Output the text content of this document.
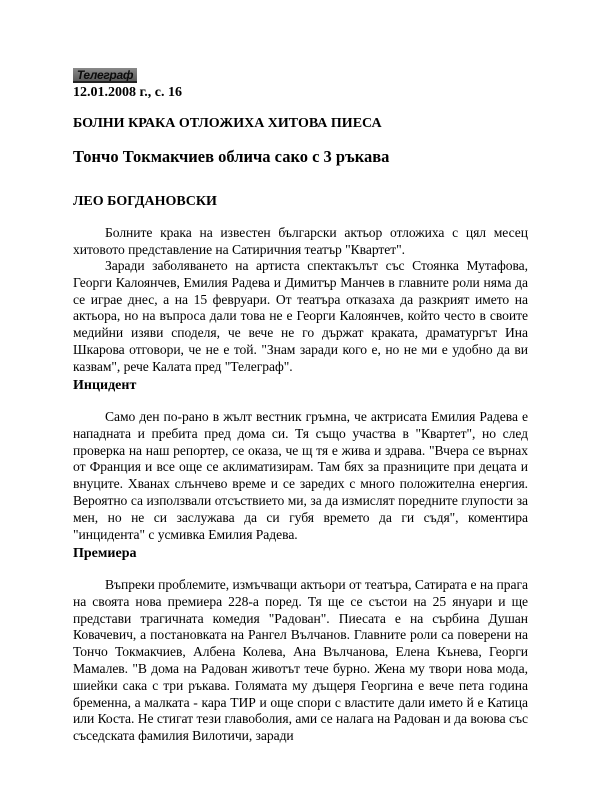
Телеграф
12.01.2008 г., с. 16
БОЛНИ КРАКА ОТЛОЖИХА ХИТОВА ПИЕСА
Тончо Токмакчиев облича сако с 3 ръкава
ЛЕО БОГДАНОВСКИ

Болните крака на известен български актьор отложиха с цял месец хитовото представление на Сатиричния театър "Квартет".

Заради заболяването на артиста спектакълът със Стоянка Мутафова, Георги Калоянчев, Емилия Радева и Димитър Манчев в главните роли няма да се играе днес, а на 15 февруари. От театъра отказаха да разкрият името на актьора, но на въпроса дали това не е Георги Калоянчев, който често в своите медийни изяви споделя, че вече не го държат краката, драматургът Ина Шкарова отговори, че не е той. "Знам заради кого е, но не ми е удобно да ви казвам", рече Калата пред "Телеграф".

Инцидент

Само ден по-рано в жълт вестник гръмна, че актрисата Емилия Радева е нападната и пребита пред дома си. Тя също участва в "Квартет", но след проверка на наш репортер, се оказа, че щ тя е жива и здрава. "Вчера се върнах от Франция и все още се аклиматизирам. Там бях за празниците при децата и внуците. Хванах слънчево време и се заредих с много положителна енергия. Вероятно са използвали отсъствието ми, за да измислят поредните глупости за мен, но не си заслужава да си губя времето да ги съдя", коментира "инцидента" с усмивка Емилия Радева.

Премиера

Въпреки проблемите, измъчващи актьори от театъра, Сатирата е на прага на своята нова премиера 228-а поред. Тя ще се състои на 25 януари и ще представи трагичната комедия "Радован". Пиесата е на сърбина Душан Ковачевич, а постановката на Рангел Вълчанов. Главните роли са поверени на Тончо Токмакчиев, Албена Колева, Ана Вълчанова, Елена Кънева, Георги Мамалев. "В дома на Радован животът тече бурно. Жена му твори нова мода, шиейки сака с три ръкава. Голямата му дъщеря Георгина е вече пета година бременна, а малката - кара ТИР и още спори с властите дали името й е Катица или Коста. Не стигат тези главоболия, ами се налага на Радован и да воюва със съседската фамилия Вилотичи, заради
